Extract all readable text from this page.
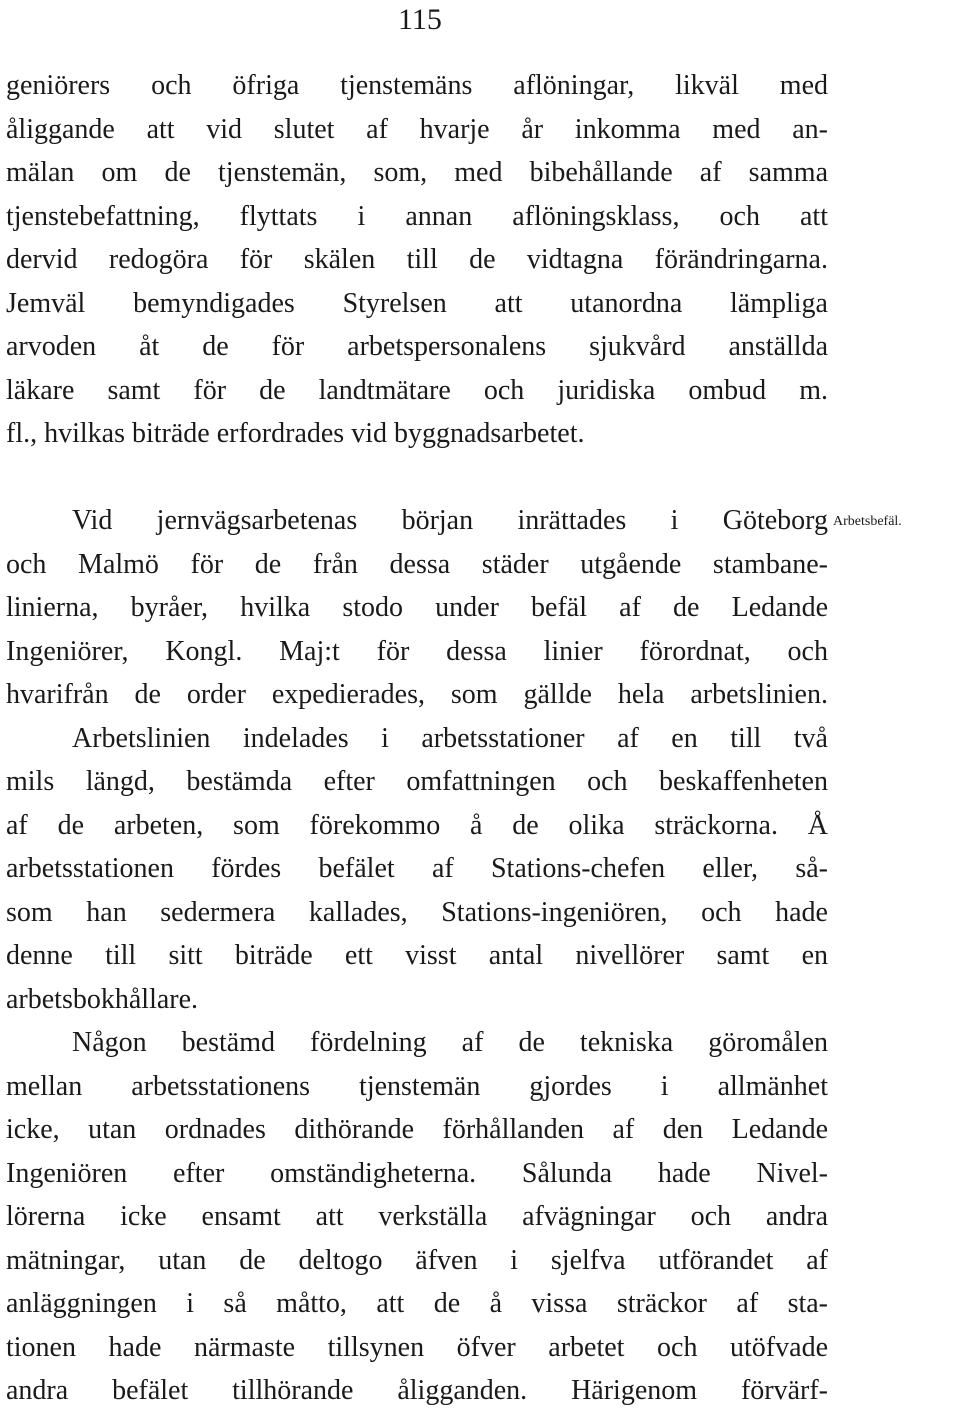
115
geniörers och öfriga tjenstemäns aflöningar, likväl med
åliggande att vid slutet af hvarje år inkomma med an-
mälan om de tjenstemän, som, med bibehållande af samma
tjenstebefattning, flyttats i annan aflöningsklass, och att
dervid redogöra för skälen till de vidtagna förändringarna.
Jemväl bemyndigades Styrelsen att utanordna lämpliga
arvoden åt de för arbetspersonalens sjukvård anställda
läkare samt för de landtmätare och juridiska ombud m.
fl., hvilkas biträde erfordrades vid byggnadsarbetet.
Arbetsbefäl.
Vid jernvägsarbetenas början inrättades i Göteborg
och Malmö för de från dessa städer utgående stambane-
linierna, byråer, hvilka stodo under befäl af de Ledande
Ingeniörer, Kongl. Maj:t för dessa linier förordnat, och
hvarifrån de order expedierades, som gällde hela arbetslinien.
Arbetslinien indelades i arbetsstationer af en till två
mils längd, bestämda efter omfattningen och beskaffenheten
af de arbeten, som förekommo å de olika sträckorna. Å
arbetsstationen fördes befälet af Stations-chefen eller, så-
som han sedermera kallades, Stations-ingeniören, och hade
denne till sitt biträde ett visst antal nivellörer samt en
arbetsbokhållare.
Någon bestämd fördelning af de tekniska göromålen
mellan arbetsstationens tjenstemän gjordes i allmänhet
icke, utan ordnades dithörande förhållanden af den Ledande
Ingeniören efter omständigheterna. Sålunda hade Nivel-
lörerna icke ensamt att verkställa afvägningar och andra
mätningar, utan de deltogo äfven i sjelfva utförandet af
anläggningen i så måtto, att de å vissa sträckor af sta-
tionen hade närmaste tillsynen öfver arbetet och utöfvade
andra befälet tillhörande åligganden. Härigenom förvärf-
